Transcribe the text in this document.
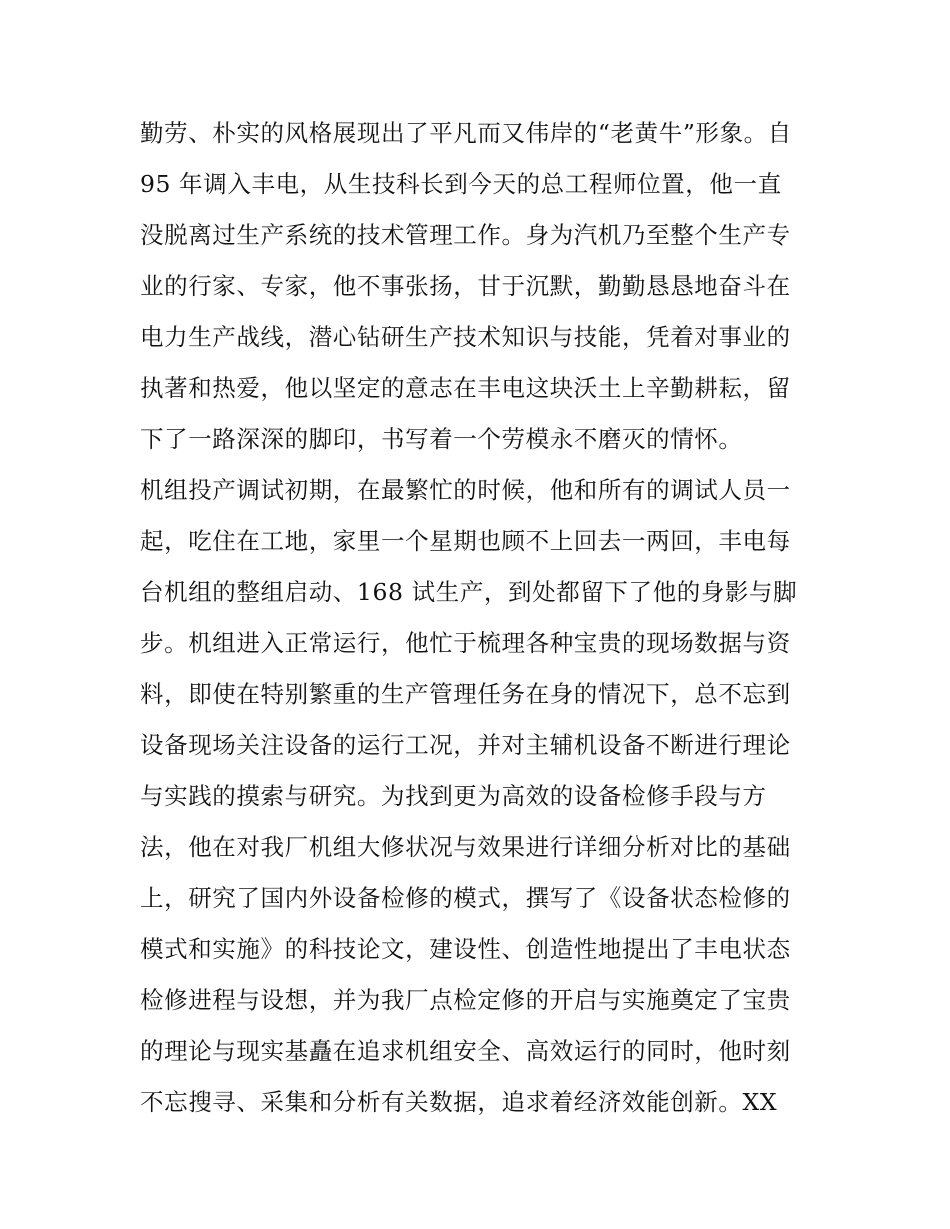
勤劳、朴实的风格展现出了平凡而又伟岸的“老黄牛”形象。自
95 年调入丰电，从生技科长到今天的总工程师位置，他一直
没脱离过生产系统的技术管理工作。身为汽机乃至整个生产专
业的行家、专家，他不事张扬，甘于沉默，勤勤恳恳地奋斗在
电力生产战线，潜心钻研生产技术知识与技能，凭着对事业的
执著和热爱，他以坚定的意志在丰电这块沃土上辛勤耕耘，留
下了一路深深的脚印，书写着一个劳模永不磨灭的情怀。
机组投产调试初期，在最繁忙的时候，他和所有的调试人员一
起，吃住在工地，家里一个星期也顾不上回去一两回，丰电每
台机组的整组启动、168 试生产，到处都留下了他的身影与脚
步。机组进入正常运行，他忙于梳理各种宝贵的现场数据与资
料，即使在特别繁重的生产管理任务在身的情况下，总不忘到
设备现场关注设备的运行工况，并对主辅机设备不断进行理论
与实践的摸索与研究。为找到更为高效的设备检修手段与方
法，他在对我厂机组大修状况与效果进行详细分析对比的基础
上，研究了国内外设备检修的模式，撰写了《设备状态检修的
模式和实施》的科技论文，建设性、创造性地提出了丰电状态
检修进程与设想，并为我厂点检定修的开启与实施奠定了宝贵
的理论与现实基矗在追求机组安全、高效运行的同时，他时刻
不忘搜寻、采集和分析有关数据，追求着经济效能创新。XX
